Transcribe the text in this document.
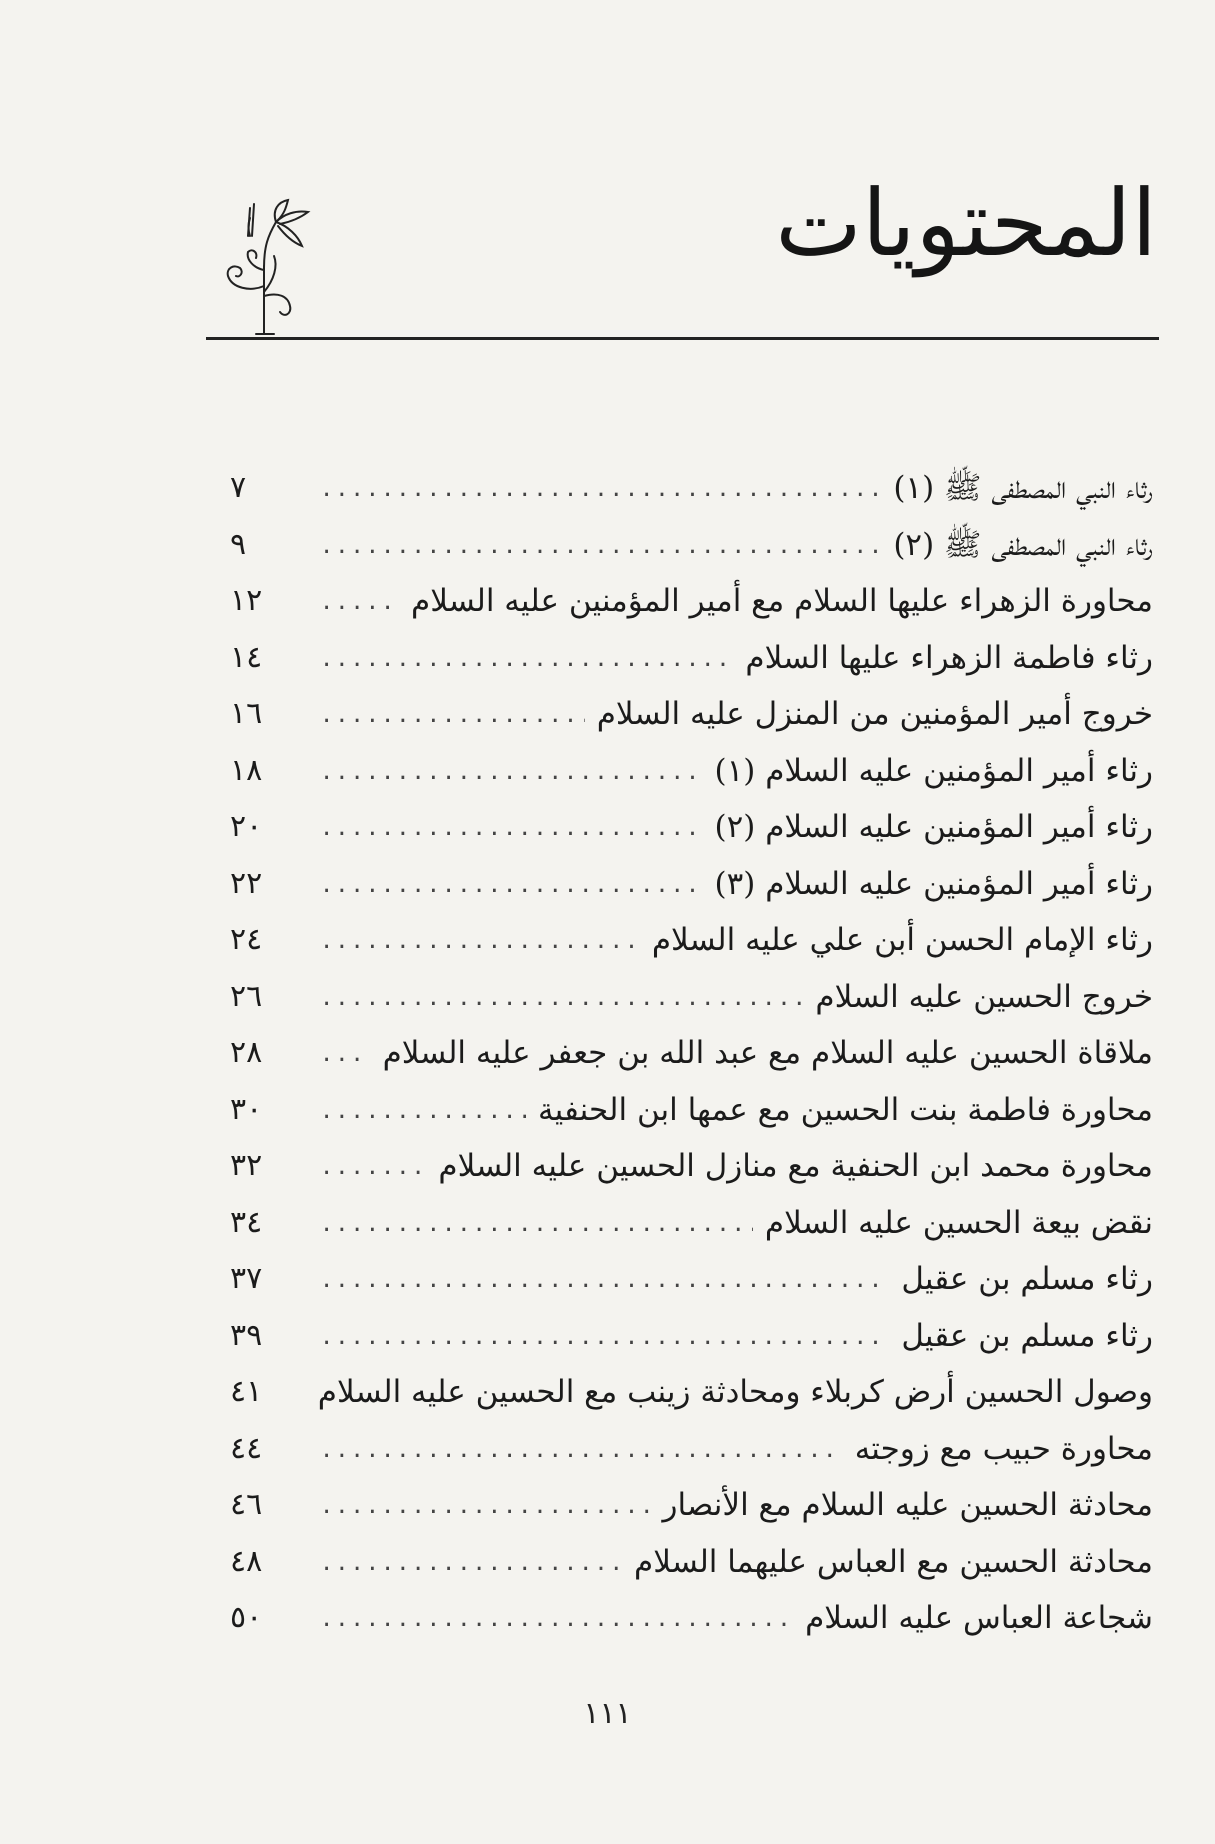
المحتويات
رثاء النبي المصطفى ﷺ (١)
.....
٧
رثاء النبي المصطفى ﷺ (٢)
.....
٩
محاورة الزهراء عليها السلام مع أمير المؤمنين عليه السلام
.....
١٢
رثاء فاطمة الزهراء عليها السلام
.....
١٤
خروج أمير المؤمنين من المنزل عليه السلام
.....
١٦
رثاء أمير المؤمنين عليه السلام (١)
.....
١٨
رثاء أمير المؤمنين عليه السلام (٢)
.....
٢٠
رثاء أمير المؤمنين عليه السلام (٣)
.....
٢٢
رثاء الإمام الحسن أبن علي عليه السلام
.....
٢٤
خروج الحسين عليه السلام
.....
٢٦
ملاقاة الحسين عليه السلام مع عبد الله بن جعفر عليه السلام
.....
٢٨
محاورة فاطمة بنت الحسين مع عمها ابن الحنفية
.....
٣٠
محاورة محمد ابن الحنفية مع منازل الحسين عليه السلام
.....
٣٢
نقض بيعة الحسين عليه السلام
.....
٣٤
رثاء مسلم بن عقيل
.....
٣٧
رثاء مسلم بن عقيل
.....
٣٩
وصول الحسين أرض كربلاء ومحادثة زينب مع الحسين عليه السلام
.....
٤١
محاورة حبيب مع زوجته
.....
٤٤
محادثة الحسين عليه السلام مع الأنصار
.....
٤٦
محادثة الحسين مع العباس عليهما السلام
.....
٤٨
شجاعة العباس عليه السلام
.....
٥٠
١١١
